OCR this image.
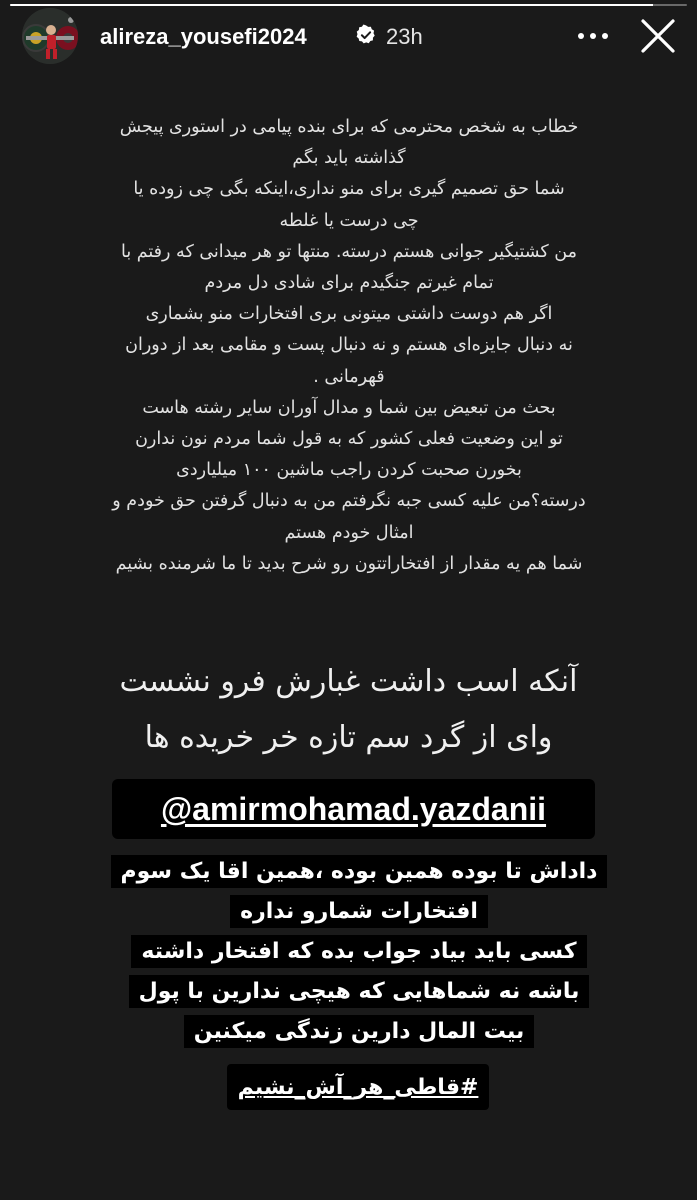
alireza_yousefi2024	23h
خطاب به شخص محترمی که برای بنده پیامی در استوری پیجش
گذاشته باید بگم
شما حق تصمیم گیری برای منو نداری،اینکه بگی چی زوده یا
چی درست یا غلطه
من کشتیگیر جوانی هستم درسته. منتها تو هر میدانی که رفتم با
تمام غیرتم جنگیدم برای شادی دل مردم
اگر هم دوست داشتی میتونی بری افتخارات منو بشماری
نه دنبال جایزه‌ای هستم و نه دنبال پست و مقامی بعد از دوران
قهرمانی .
بحث من تبعیض بین شما و مدال آوران سایر رشته هاست
تو این وضعیت فعلی کشور که به قول شما مردم نون ندارن
بخورن صحبت کردن راجب ماشین ۱۰۰ میلیاردی
درسته؟من علیه کسی جبه نگرفتم من به دنبال گرفتن حق خودم و
امثال خودم هستم
شما هم یه مقدار از افتخاراتتون رو شرح بدید تا ما شرمنده بشیم
آنکه اسب داشت غبارش فرو نشست
وای از گرد سم تازه خر خریده ها
@amirmohamad.yazdanii
داداش تا بوده همین بوده ،همین اقا یک سوم
افتخارات شمارو نداره
کسی باید بیاد جواب بده که افتخار داشته
باشه نه شماهایی که هیچی ندارین با پول
بیت المال دارین زندگی میکنین
#قاطی_هر_آش_نشیم
